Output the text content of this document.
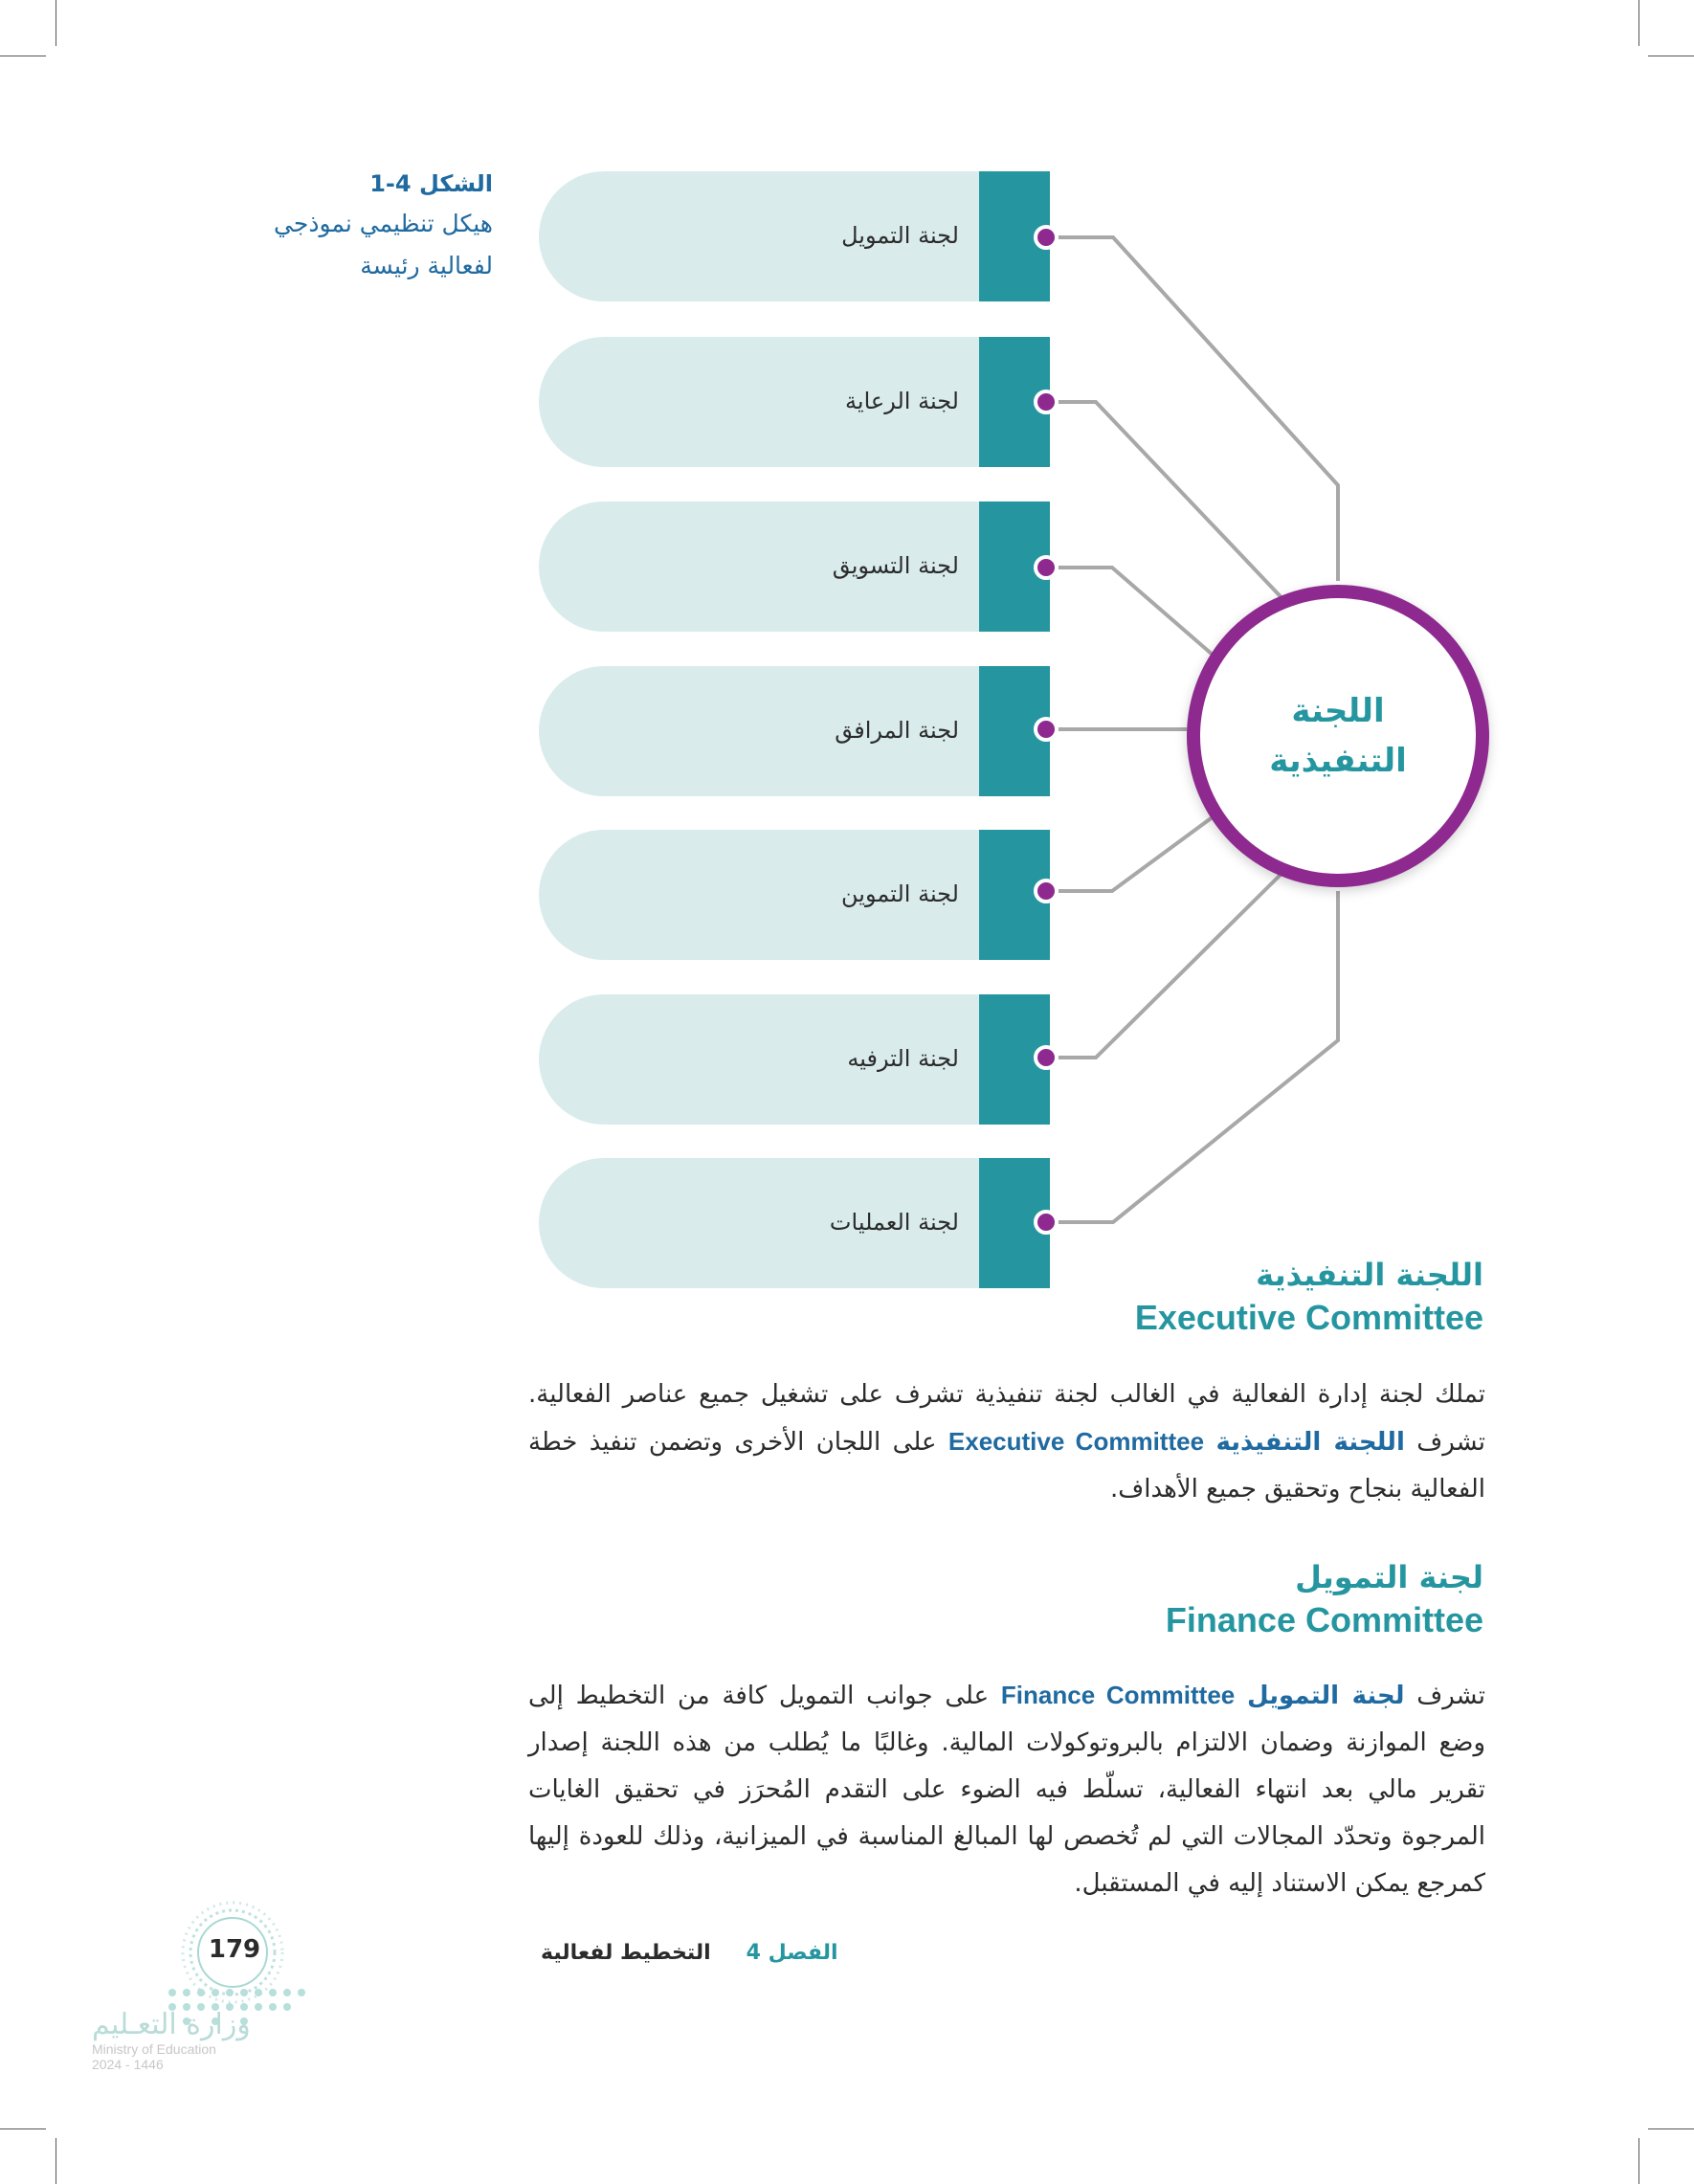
الشكل 4-1
هيكل تنظيمي نموذجي
لفعالية رئيسة
لجنة التمويل
لجنة الرعاية
لجنة التسويق
لجنة المرافق
لجنة التموين
لجنة الترفيه
لجنة العمليات
اللجنة
التنفيذية
اللجنة التنفيذية
Executive Committee
تملك لجنة إدارة الفعالية في الغالب لجنة تنفيذية تشرف على تشغيل جميع عناصر الفعالية. تشرف اللجنة التنفيذية Executive Committee على اللجان الأخرى وتضمن تنفيذ خطة الفعالية بنجاح وتحقيق جميع الأهداف.
لجنة التمويل
Finance Committee
تشرف لجنة التمويل Finance Committee على جوانب التمويل كافة من التخطيط إلى وضع الموازنة وضمان الالتزام بالبروتوكولات المالية. وغالبًا ما يُطلب من هذه اللجنة إصدار تقرير مالي بعد انتهاء الفعالية، تسلّط فيه الضوء على التقدم المُحرَز في تحقيق الغايات المرجوة وتحدّد المجالات التي لم تُخصص لها المبالغ المناسبة في الميزانية، وذلك للعودة إليها كمرجع يمكن الاستناد إليه في المستقبل.
الفصل 4 التخطيط لفعالية
179
وزارة التعـليم
Ministry of Education
2024 - 1446
